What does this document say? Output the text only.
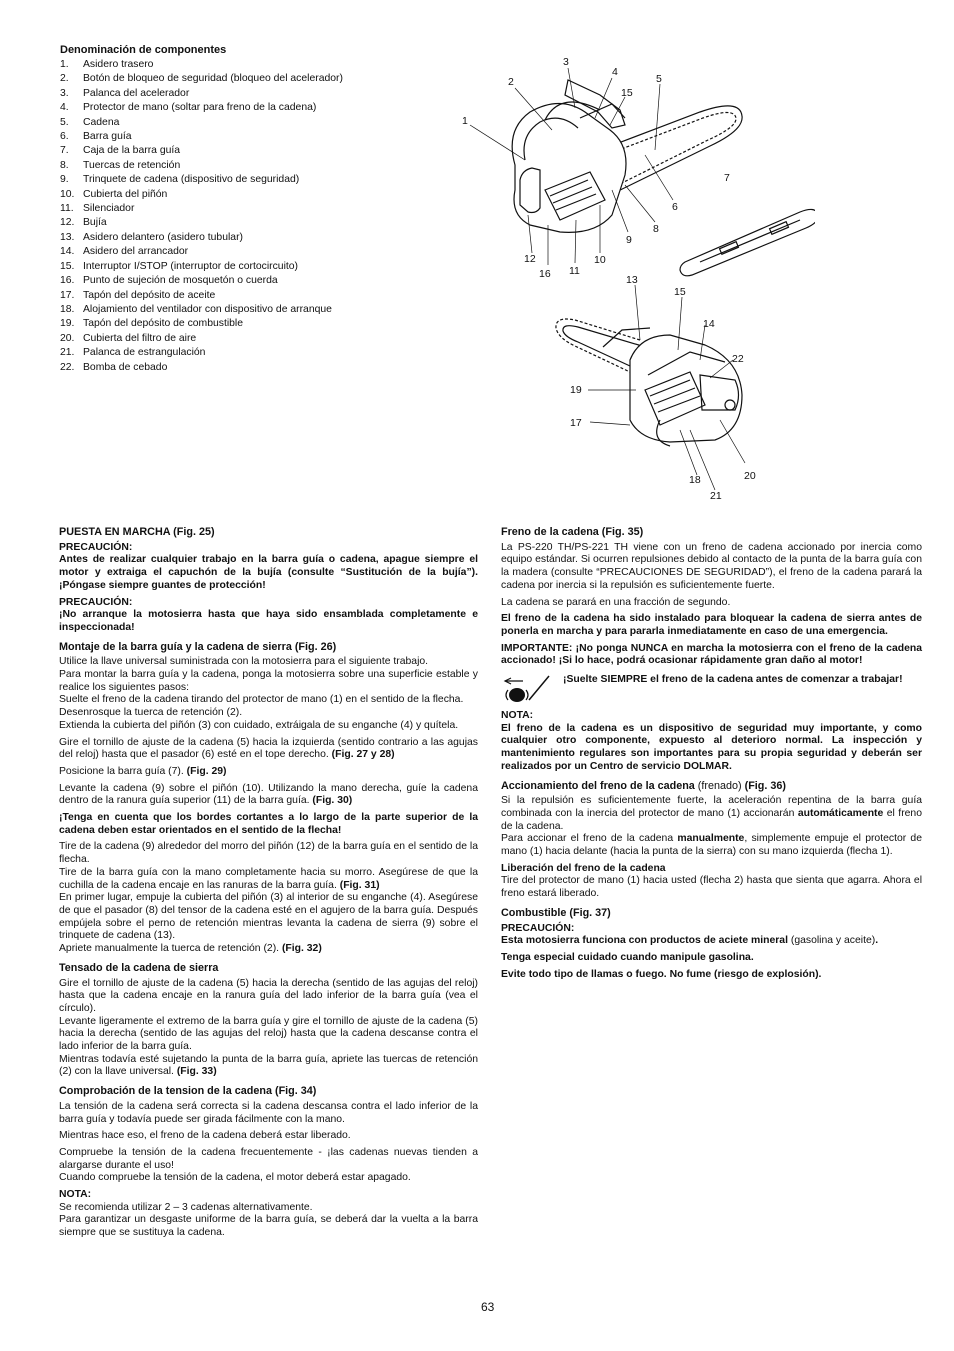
Denominación de componentes
1.	Asidero trasero
2.	Botón de bloqueo de seguridad (bloqueo del acelerador)
3.	Palanca del acelerador
4.	Protector de mano (soltar para freno de la cadena)
5.	Cadena
6.	Barra guía
7.	Caja de la barra guía
8.	Tuercas de retención
9.	Trinquete de cadena (dispositivo de seguridad)
10. Cubierta del piñón
11. Silenciador
12. Bujía
13. Asidero delantero (asidero tubular)
14. Asidero del arrancador
15. Interruptor I/STOP (interruptor de cortocircuito)
16. Punto de sujeción de mosquetón o cuerda
17. Tapón del depósito de aceite
18. Alojamiento del ventilador con dispositivo de arranque
19. Tapón del depósito de combustible
20. Cubierta del filtro de aire
21. Palanca de estrangulación
22. Bomba de cebado
1
2
3
4
15
5
7
6
8
9
12
16 11
10
13
15
14
22
19
17
18
21
20
PUESTA EN MARCHA (Fig. 25)
PRECAUCIÓN:

Antes de realizar cualquier trabajo en la barra guía o cadena, apague siempre el motor y extraiga el capuchón de la bujía (consulte “Sustitución de la bujía”). ¡Póngase siempre guantes de protección!

PRECAUCIÓN:

¡No arranque la motosierra hasta que haya sido ensamblada completamente e inspeccionada!

Montaje de la barra guía y la cadena de sierra (Fig. 26)
Utilice la llave universal suministrada con la motosierra para el siguiente trabajo.
Para montar la barra guía y la cadena, ponga la motosierra sobre una superficie estable y realice los siguientes pasos:
Suelte el freno de la cadena tirando del protector de mano (1) en el sentido de la flecha.
Desenrosque la tuerca de retención (2).

Extienda la cubierta del piñón (3) con cuidado, extráigala de su enganche (4) y quítela.

Gire el tornillo de ajuste de la cadena (5) hacia la izquierda (sentido contrario a las agujas del reloj) hasta que el pasador (6) esté en el tope derecho. (Fig. 27 y 28)

Posicione la barra guía (7). (Fig. 29)

Levante la cadena (9) sobre el piñón (10). Utilizando la mano derecha, guíe la cadena dentro de la ranura guía superior (11) de la barra guía. (Fig. 30)

¡Tenga en cuenta que los bordes cortantes a lo largo de la parte superior de la cadena deben estar orientados en el sentido de la flecha!

Tire de la cadena (9) alrededor del morro del piñón (12) de la barra guía en el sentido de la flecha.
Tire de la barra guía con la mano completamente hacia su morro. Asegúrese de que la cuchilla de la cadena encaje en las ranuras de la barra guía. (Fig. 31)
En primer lugar, empuje la cubierta del piñón (3) al interior de su enganche (4). Asegúrese de que el pasador (8) del tensor de la cadena esté en el agujero de la barra guía. Después empújela sobre el perno de retención mientras levanta la cadena de sierra (9) sobre el trinquete de cadena (13).

Apriete manualmente la tuerca de retención (2). (Fig. 32)

Tensado de la cadena de sierra
Gire el tornillo de ajuste de la cadena (5) hacia la derecha (sentido de las agujas del reloj) hasta que la cadena encaje en la ranura guía del lado inferior de la barra guía (vea el círculo).
Levante ligeramente el extremo de la barra guía y gire el tornillo de ajuste de la cadena (5) hacia la derecha (sentido de las agujas del reloj) hasta que la cadena descanse contra el lado inferior de la barra guía.

Mientras todavía esté sujetando la punta de la barra guía, apriete las tuercas de retención (2) con la llave universal. (Fig. 33)

Comprobación de la tension de la cadena (Fig. 34)

La tensión de la cadena será correcta si la cadena descansa contra el lado inferior de la barra guía y todavía puede ser girada fácilmente con la mano.

Mientras hace eso, el freno de la cadena deberá estar liberado.

Compruebe la tensión de la cadena frecuentemente - ¡las cadenas nuevas tienden a alargarse durante el uso!

Cuando compruebe la tensión de la cadena, el motor deberá estar apagado.

NOTA:
Se recomienda utilizar 2 – 3 cadenas alternativamente.
Para garantizar un desgaste uniforme de la barra guía, se deberá dar la vuelta a la barra siempre que se sustituya la cadena.
Freno de la cadena (Fig. 35)

La PS-220 TH/PS-221 TH viene con un freno de cadena accionado por inercia como equipo estándar. Si ocurren repulsiones debido al contacto de la punta de la barra guía con la madera (consulte “PRECAUCIONES DE SEGURIDAD”), el freno de la cadena parará la cadena por inercia si la repulsión es suficientemente fuerte.

La cadena se parará en una fracción de segundo.

El freno de la cadena ha sido instalado para bloquear la cadena de sierra antes de ponerla en marcha y para pararla inmediatamente en caso de una emergencia.

IMPORTANTE: ¡No ponga NUNCA en marcha la motosierra con el freno de la cadena accionado! ¡Si lo hace, podrá ocasionar rápidamente gran daño al motor!

¡Suelte SIEMPRE el freno de la cadena antes de comenzar a trabajar!
NOTA:

El freno de la cadena es un dispositivo de seguridad muy importante, y como cualquier otro componente, expuesto al deterioro normal. La inspección y mantenimiento regulares son importantes para su propia seguridad y deberán ser realizados por un Centro de servicio DOLMAR.

Accionamiento del freno de la cadena (frenado) (Fig. 36)
Si la repulsión es suficientemente fuerte, la aceleración repentina de la barra guía combinada con la inercia del protector de mano (1) accionarán automáticamente el freno de la cadena.

Para accionar el freno de la cadena manualmente, simplemente empuje el protector de mano (1) hacia delante (hacia la punta de la sierra) con su mano izquierda (flecha 1).

Liberación del freno de la cadena

Tire del protector de mano (1) hacia usted (flecha 2) hasta que sienta que agarra. Ahora el freno estará liberado.

Combustible (Fig. 37)
PRECAUCIÓN:

Esta motosierra funciona con productos de aciete mineral (gasolina y aceite).

Tenga especial cuidado cuando manipule gasolina.

Evite todo tipo de llamas o fuego. No fume (riesgo de explosión).

63
